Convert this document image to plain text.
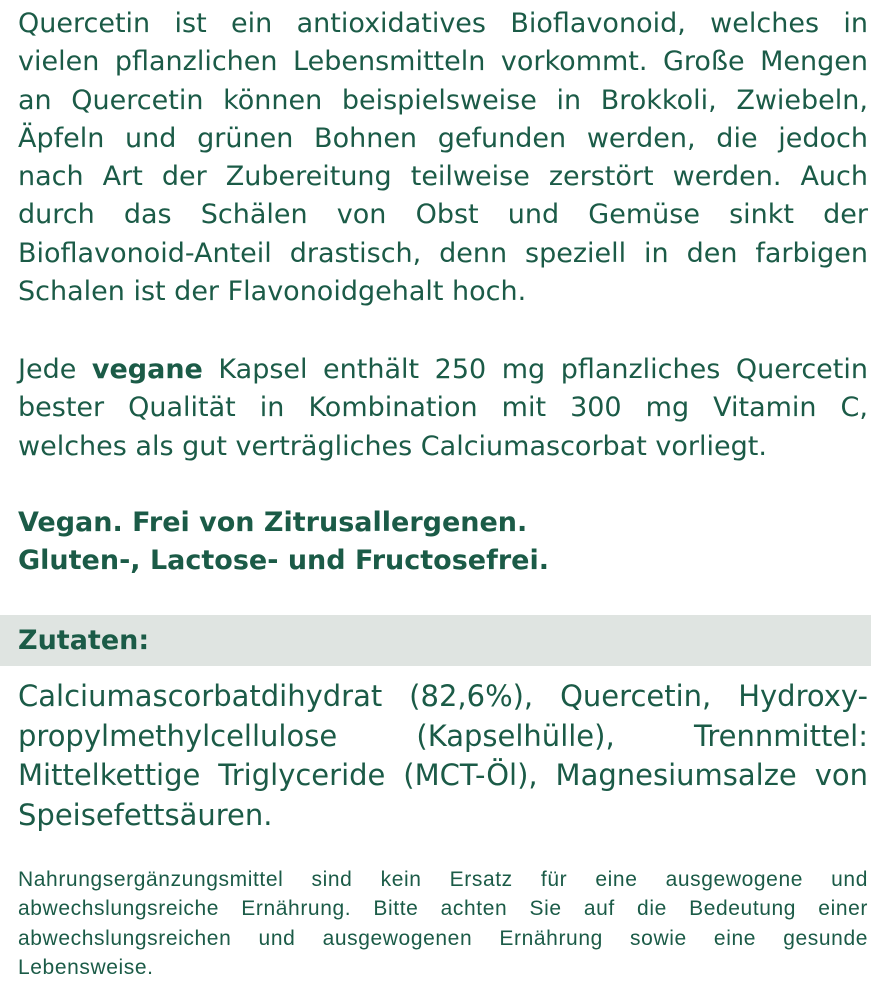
Quercetin ist ein antioxidatives Bioflavonoid, welches in
vielen pflanzlichen Lebensmitteln vorkommt. Große Mengen
an Quercetin können beispielsweise in Brokkoli, Zwiebeln,
Äpfeln und grünen Bohnen gefunden werden, die jedoch
nach Art der Zubereitung teilweise zerstört werden. Auch
durch das Schälen von Obst und Gemüse sinkt der
Bioflavonoid-Anteil drastisch, denn speziell in den farbigen
Schalen ist der Flavonoidgehalt hoch.
Jede vegane Kapsel enthält 250 mg pflanzliches Quercetin
bester Qualität in Kombination mit 300 mg Vitamin C,
welches als gut verträgliches Calciumascorbat vorliegt.
Vegan. Frei von Zitrusallergenen.
Gluten-, Lactose- und Fructosefrei.
Zutaten:
Calciumascorbatdihydrat (82,6%), Quercetin, Hydroxy-
propylmethylcellulose (Kapselhülle), Trennmittel:
Mittelkettige Triglyceride (MCT-Öl), Magnesiumsalze von
Speisefettsäuren.
Nahrungsergänzungsmittel sind kein Ersatz für eine ausgewogene und
abwechslungsreiche Ernährung. Bitte achten Sie auf die Bedeutung einer
abwechslungsreichen und ausgewogenen Ernährung sowie eine gesunde
Lebensweise.
